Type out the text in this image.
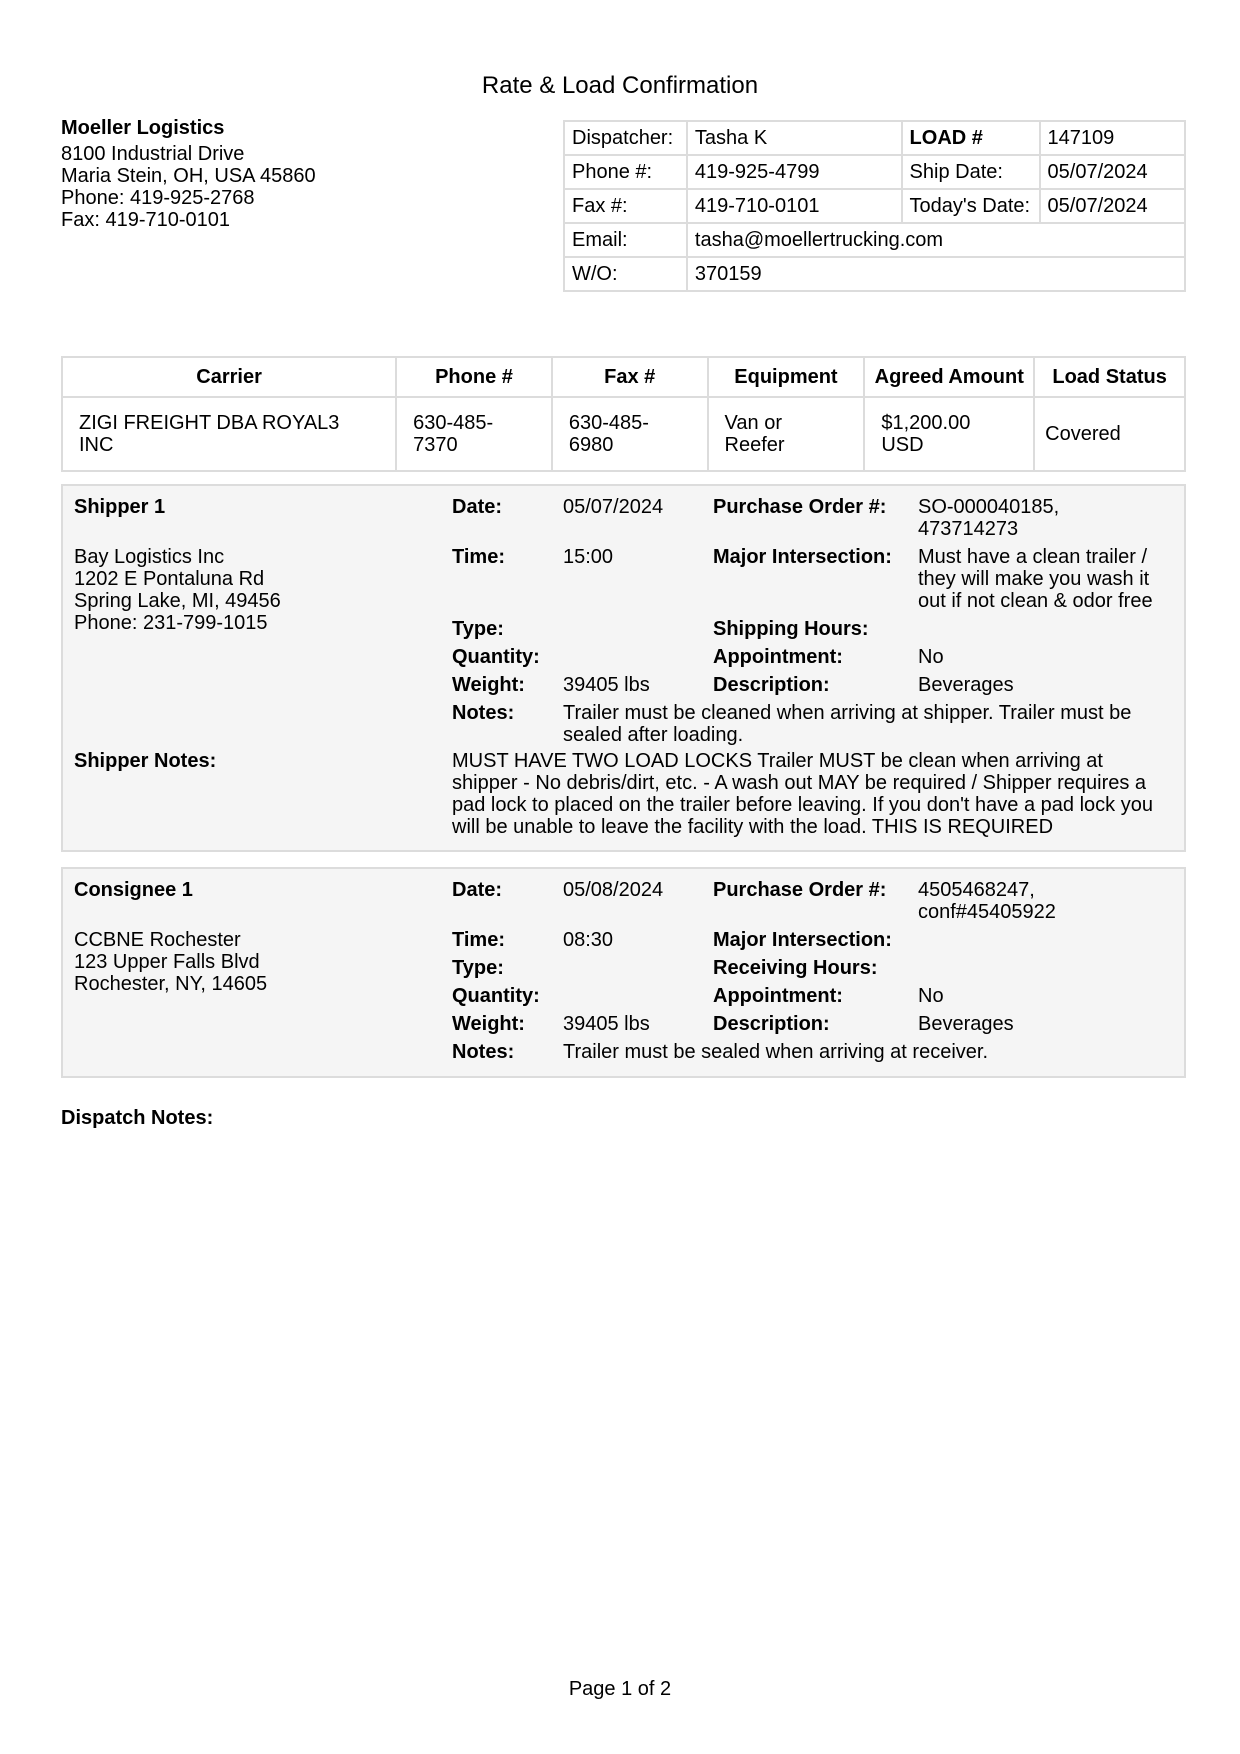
Rate & Load Confirmation
Moeller Logistics
8100 Industrial Drive
Maria Stein, OH, USA 45860
Phone: 419-925-2768
Fax: 419-710-0101
Dispatcher:	Tasha K	LOAD #	147109
Phone #:	419-925-4799	Ship Date:	05/07/2024
Fax #:	419-710-0101	Today's Date:	05/07/2024
Email:	tasha@moellertrucking.com		
W/O:	370159		
Carrier	Phone #	Fax #	Equipment	Agreed Amount	Load Status
ZIGI FREIGHT DBA ROYAL3 INC	630-485-7370	630-485-6980	Van or Reefer	$1,200.00 USD	Covered
Shipper 1
Bay Logistics Inc
1202 E Pontaluna Rd
Spring Lake, MI, 49456
Phone: 231-799-1015
Date:	05/07/2024
Time:	15:00
Type:
Quantity:
Weight: 39405 lbs
Notes: Trailer must be cleaned when arriving at shipper. Trailer must be sealed after loading.
Purchase Order #: SO-000040185,
473714273
Major Intersection: Must have a clean trailer /
they will make you wash it
out if not clean & odor free
Shipping Hours:
Appointment:	No
Description:	Beverages
Shipper Notes:	MUST HAVE TWO LOAD LOCKS Trailer MUST be clean when arriving at shipper - No debris/dirt, etc. - A wash out MAY be required / Shipper requires a pad lock to placed on the trailer before leaving. If you don't have a pad lock you will be unable to leave the facility with the load. THIS IS REQUIRED
Consignee 1
CCBNE Rochester
123 Upper Falls Blvd
Rochester, NY, 14605
Date:	05/08/2024
Time:	08:30
Type:
Quantity:
Weight: 39405 lbs
Notes: Trailer must be sealed when arriving at receiver.
Purchase Order #: 4505468247,
conf#45405922
Major Intersection:
Receiving Hours:
Appointment:	No
Description:	Beverages
Dispatch Notes:
Page 1 of 2
